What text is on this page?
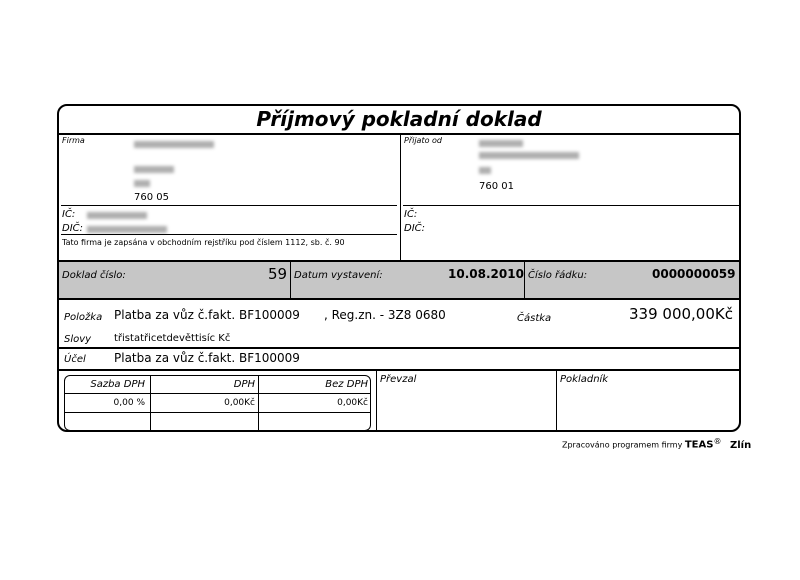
Příjmový pokladní doklad
Firma
760 05
IČ:
DIČ:
Tato firma je zapsána v obchodním rejstříku pod číslem 1112, sb. č. 90
Přijato od
760 01
IČ:
DIČ:
Doklad číslo:	59 Datum vystavení:	10.08.2010 Číslo řádku:	0000000059
Položka Platba za vůz č.fakt. BF100009 , Reg.zn. - 3Z8 0680	Částka	339 000,00Kč
Slovy třistatřicetdevěttisíc Kč
Účel Platba za vůz č.fakt. BF100009
Sazba DPH	DPH	Bez DPH
0,00 %	0,00Kč	0,00Kč
Převzal	Pokladník
Zpracováno programem firmy TEAS® Zlín
